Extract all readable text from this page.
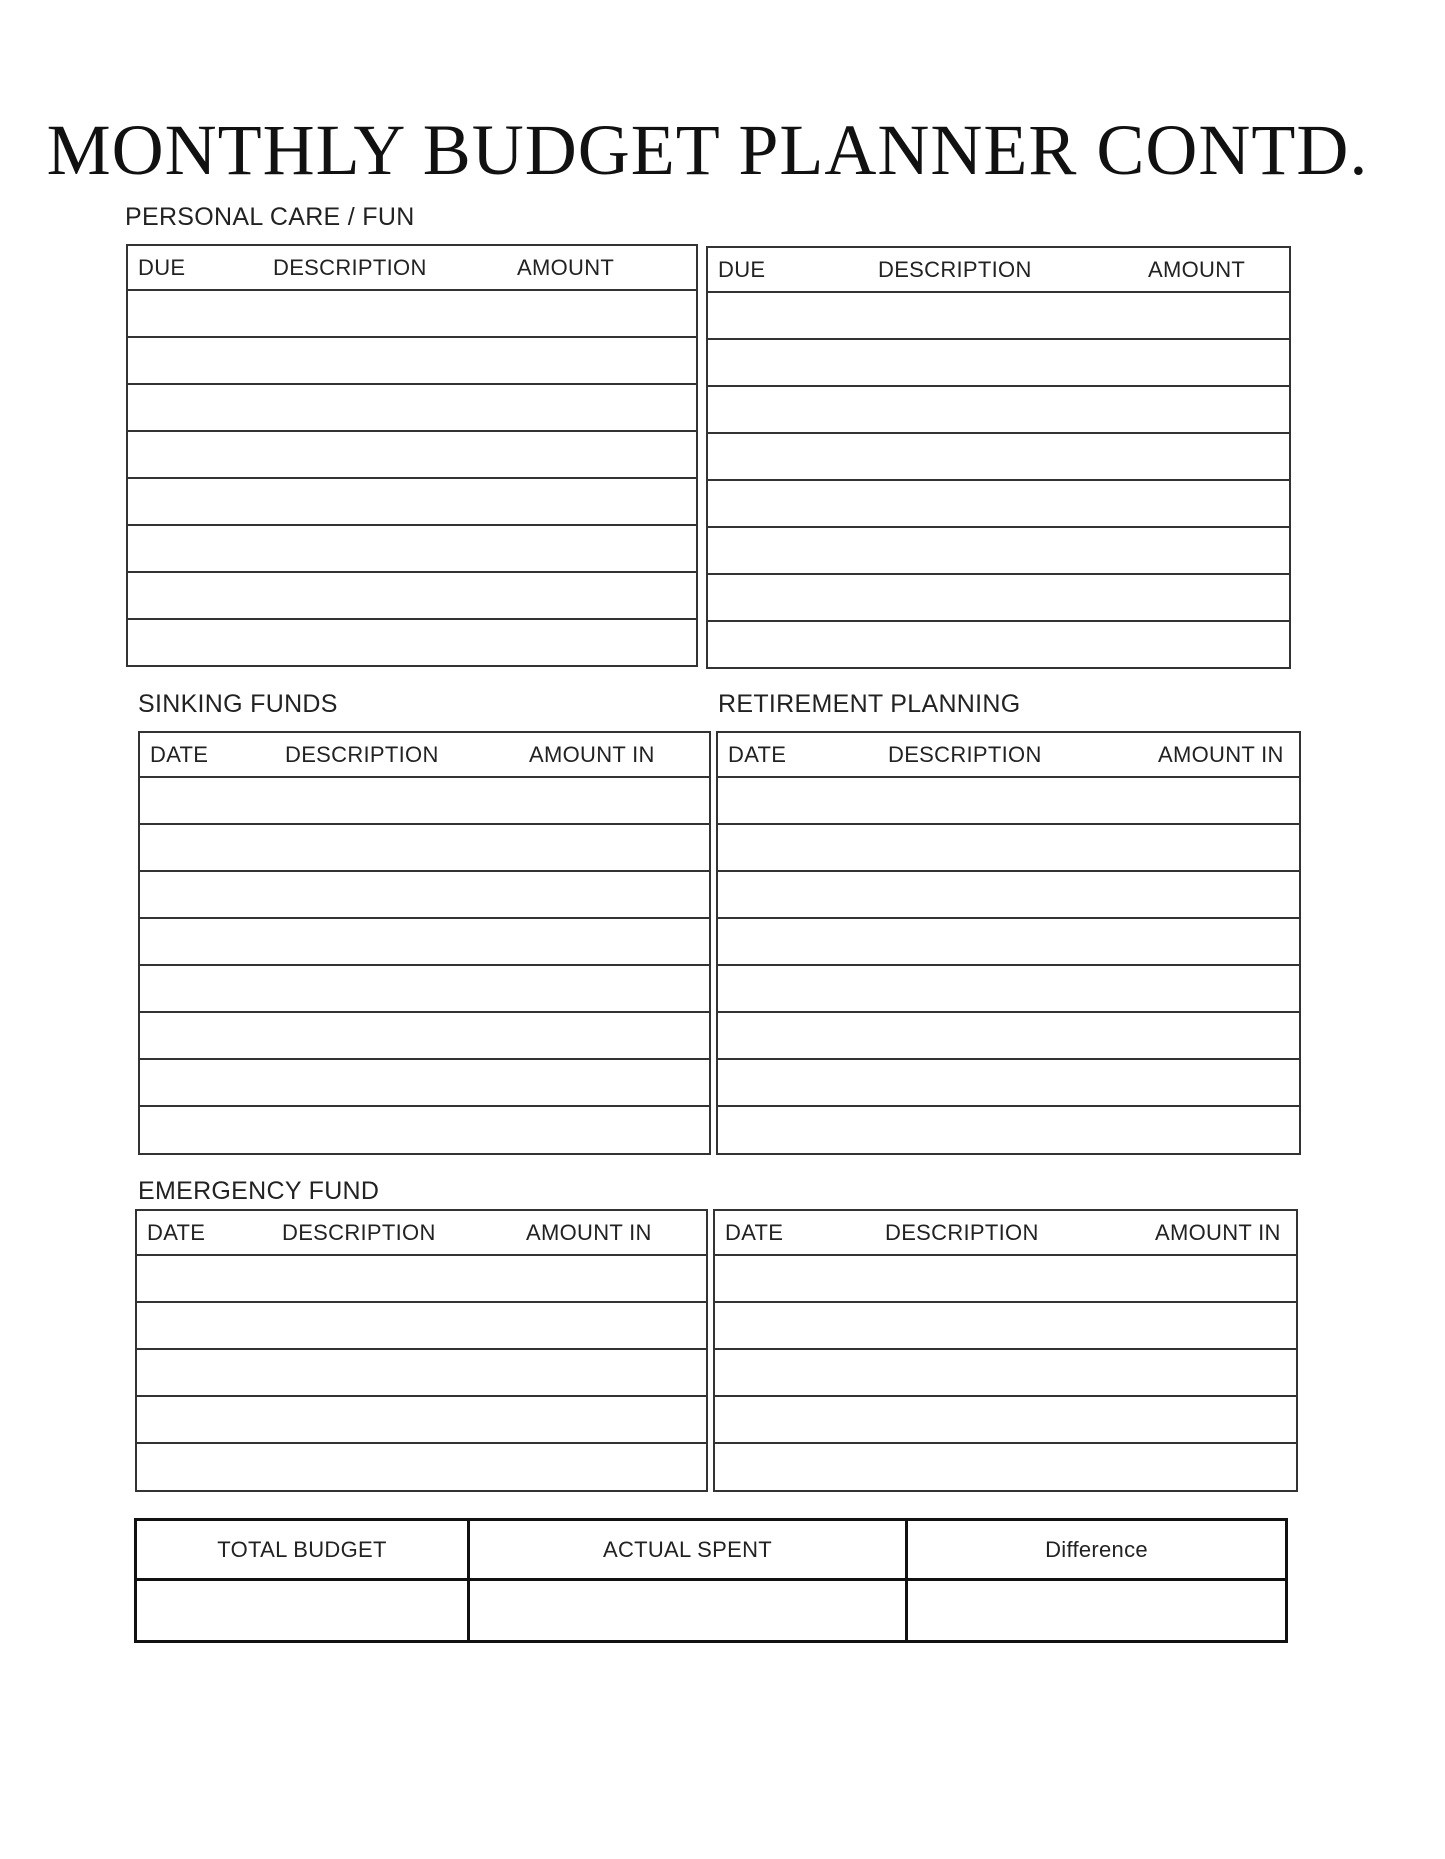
MONTHLY BUDGET PLANNER CONTD.
PERSONAL CARE / FUN
DUE	DESCRIPTION	AMOUNT	DUE	DESCRIPTION	AMOUNT
SINKING FUNDS
DATE	DESCRIPTION	AMOUNT IN
RETIREMENT PLANNING
DATE	DESCRIPTION	AMOUNT IN
EMERGENCY FUND
DATE	DESCRIPTION	AMOUNT IN	DATE	DESCRIPTION	AMOUNT IN
TOTAL BUDGET	ACTUAL SPENT	Difference
